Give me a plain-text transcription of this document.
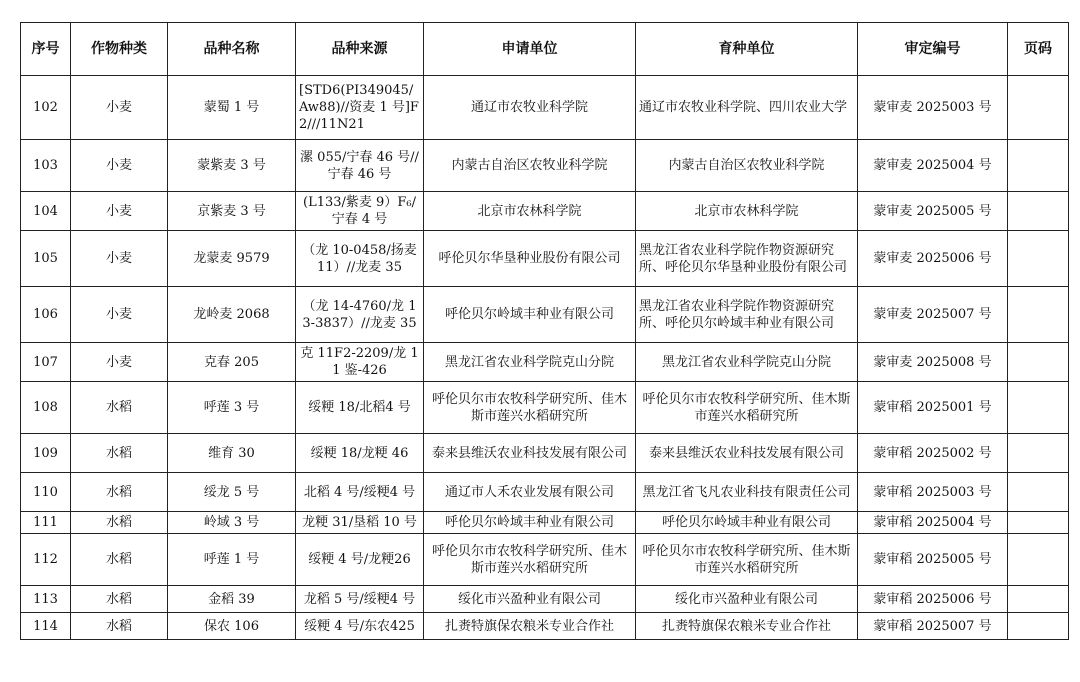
序号	作物种类	品种名称	品种来源	申请单位	育种单位	审定编号	页码
102	小麦	蒙蜀 1 号	[STD6(PI349045/Aw88)//资麦 1 号]F2///11N21	通辽市农牧业科学院	通辽市农牧业科学院、四川农业大学	蒙审麦 2025003 号	
103	小麦	蒙紫麦 3 号	漯 055/宁春 46 号//宁春 46 号	内蒙古自治区农牧业科学院	内蒙古自治区农牧业科学院	蒙审麦 2025004 号	
104	小麦	京紫麦 3 号	(L133/紫麦 9）F₆/宁春 4 号	北京市农林科学院	北京市农林科学院	蒙审麦 2025005 号	
105	小麦	龙蒙麦 9579	（龙 10-0458/扬麦 11）//龙麦 35	呼伦贝尔华垦种业股份有限公司	黑龙江省农业科学院作物资源研究所、呼伦贝尔华垦种业股份有限公司	蒙审麦 2025006 号	
106	小麦	龙岭麦 2068	（龙 14-4760/龙 13-3837）//龙麦 35	呼伦贝尔岭域丰种业有限公司	黑龙江省农业科学院作物资源研究所、呼伦贝尔岭域丰种业有限公司	蒙审麦 2025007 号	
107	小麦	克春 205	克 11F2-2209/龙 11 鉴-426	黑龙江省农业科学院克山分院	黑龙江省农业科学院克山分院	蒙审麦 2025008 号	
108	水稻	呼莲 3 号	绥粳 18/北稻4 号	呼伦贝尔市农牧科学研究所、佳木斯市莲兴水稻研究所	呼伦贝尔市农牧科学研究所、佳木斯市莲兴水稻研究所	蒙审稻 2025001 号	
109	水稻	维育 30	绥粳 18/龙粳 46	泰来县维沃农业科技发展有限公司	泰来县维沃农业科技发展有限公司	蒙审稻 2025002 号	
110	水稻	绥龙 5 号	北稻 4 号/绥粳4 号	通辽市人禾农业发展有限公司	黑龙江省飞凡农业科技有限责任公司	蒙审稻 2025003 号	
111	水稻	岭域 3 号	龙粳 31/垦稻 10 号	呼伦贝尔岭域丰种业有限公司	呼伦贝尔岭域丰种业有限公司	蒙审稻 2025004 号	
112	水稻	呼莲 1 号	绥粳 4 号/龙粳26	呼伦贝尔市农牧科学研究所、佳木斯市莲兴水稻研究所	呼伦贝尔市农牧科学研究所、佳木斯市莲兴水稻研究所	蒙审稻 2025005 号	
113	水稻	金稻 39	龙稻 5 号/绥粳4 号	绥化市兴盈种业有限公司	绥化市兴盈种业有限公司	蒙审稻 2025006 号	
114	水稻	保农 106	绥粳 4 号/东农425	扎赉特旗保农粮米专业合作社	扎赉特旗保农粮米专业合作社	蒙审稻 2025007 号	
